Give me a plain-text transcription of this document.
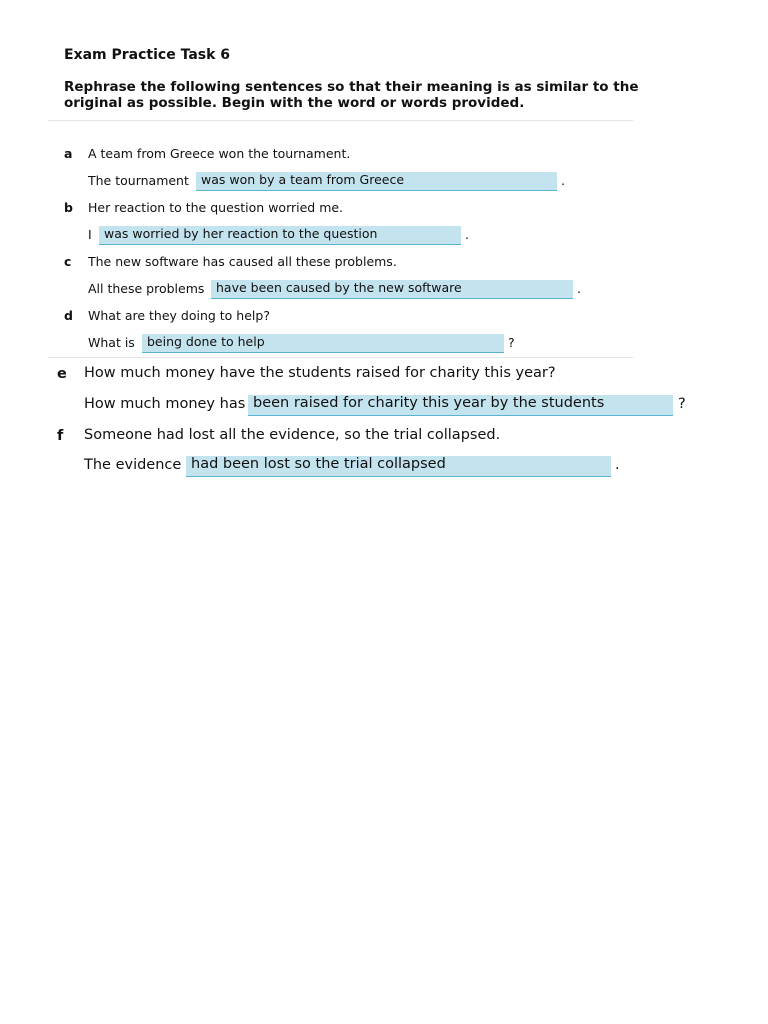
Exam Practice Task 6
Rephrase the following sentences so that their meaning is as similar to the original as possible. Begin with the word or words provided.
a A team from Greece won the tournament.
The tournament was won by a team from Greece	.
b Her reaction to the question worried me.
I was worried by her reaction to the question	.
c The new software has caused all these problems.
All these problems have been caused by the new software	.
d What are they doing to help?
What is being done to help	?
e How much money have the students raised for charity this year?
How much money has been raised for charity this year by the students	?
f Someone had lost all the evidence, so the trial collapsed.
The evidence had been lost so the trial collapsed	.
